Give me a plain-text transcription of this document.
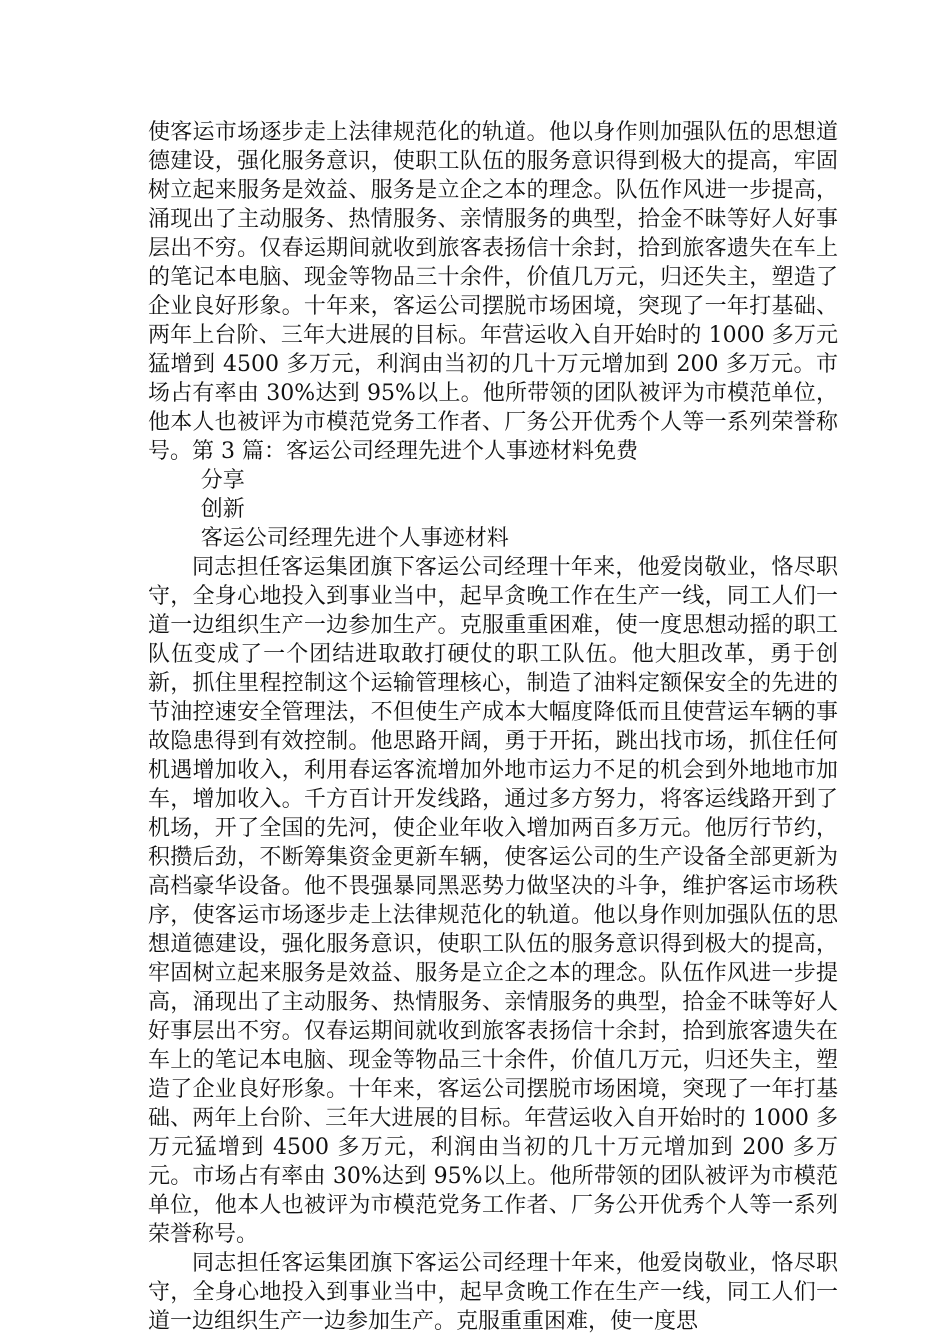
使客运市场逐步走上法律规范化的轨道。他以身作则加强队伍的思想道德建设，强化服务意识，使职工队伍的服务意识得到极大的提高，牢固树立起来服务是效益、服务是立企之本的理念。队伍作风进一步提高，涌现出了主动服务、热情服务、亲情服务的典型，拾金不昧等好人好事层出不穷。仅春运期间就收到旅客表扬信十余封，拾到旅客遗失在车上的笔记本电脑、现金等物品三十余件，价值几万元，归还失主，塑造了企业良好形象。十年来，客运公司摆脱市场困境，突现了一年打基础、两年上台阶、三年大进展的目标。年营运收入自开始时的 1000 多万元猛增到 4500 多万元，利润由当初的几十万元增加到 200 多万元。市场占有率由 30%达到 95%以上。他所带领的团队被评为市模范单位，他本人也被评为市模范党务工作者、厂务公开优秀个人等一系列荣誉称号。第 3 篇：客运公司经理先进个人事迹材料免费

分享

创新

客运公司经理先进个人事迹材料

同志担任客运集团旗下客运公司经理十年来，他爱岗敬业，恪尽职守，全身心地投入到事业当中，起早贪晚工作在生产一线，同工人们一道一边组织生产一边参加生产。克服重重困难，使一度思想动摇的职工队伍变成了一个团结进取敢打硬仗的职工队伍。他大胆改革，勇于创新，抓住里程控制这个运输管理核心，制造了油料定额保安全的先进的节油控速安全管理法，不但使生产成本大幅度降低而且使营运车辆的事故隐患得到有效控制。他思路开阔，勇于开拓，跳出找市场，抓住任何机遇增加收入，利用春运客流增加外地市运力不足的机会到外地地市加车，增加收入。千方百计开发线路，通过多方努力，将客运线路开到了机场，开了全国的先河，使企业年收入增加两百多万元。他厉行节约，积攒后劲，不断筹集资金更新车辆，使客运公司的生产设备全部更新为高档豪华设备。他不畏强暴同黑恶势力做坚决的斗争，维护客运市场秩序，使客运市场逐步走上法律规范化的轨道。他以身作则加强队伍的思想道德建设，强化服务意识，使职工队伍的服务意识得到极大的提高，牢固树立起来服务是效益、服务是立企之本的理念。队伍作风进一步提高，涌现出了主动服务、热情服务、亲情服务的典型，拾金不昧等好人好事层出不穷。仅春运期间就收到旅客表扬信十余封，拾到旅客遗失在车上的笔记本电脑、现金等物品三十余件，价值几万元，归还失主，塑造了企业良好形象。十年来，客运公司摆脱市场困境，突现了一年打基础、两年上台阶、三年大进展的目标。年营运收入自开始时的 1000 多万元猛增到 4500 多万元，利润由当初的几十万元增加到 200 多万元。市场占有率由 30%达到 95%以上。他所带领的团队被评为市模范单位，他本人也被评为市模范党务工作者、厂务公开优秀个人等一系列荣誉称号。

同志担任客运集团旗下客运公司经理十年来，他爱岗敬业，恪尽职守，全身心地投入到事业当中，起早贪晚工作在生产一线，同工人们一道一边组织生产一边参加生产。克服重重困难，使一度思
